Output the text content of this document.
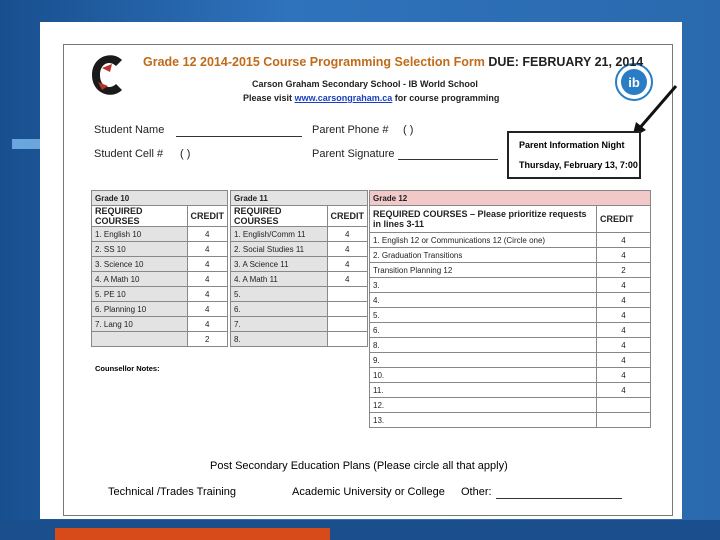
ib
Grade 12 2014-2015 Course Programming Selection Form DUE: FEBRUARY 21, 2014
Carson Graham Secondary School - IB World School
Please visit www.carsongraham.ca for course programming
Student Name	Parent Phone # ( )
Student Cell # ( )	Parent Signature
Parent Information Night
Thursday, February 13, 7:00
Grade 10	
REQUIRED COURSES	CREDIT
1. English 10	4
2. SS 10	4
3. Science 10	4
4. A Math 10	4
5. PE 10	4
6. Planning 10	4
7. Lang 10	4
	2
Grade 11	
REQUIRED COURSES	CREDIT
1. English/Comm 11	4
2. Social Studies 11	4
3. A Science 11	4
4. A Math 11	4
5.	
6.	
7.	
8.	
Grade 12	
REQUIRED COURSES – Please prioritize requests in lines 3-11	CREDIT
1. English 12 or Communications 12 (Circle one)	4
2. Graduation Transitions	4
Transition Planning 12	2
3.	4
4.	4
5.	4
6.	4
8.	4
9.	4
10.	4
11.	4
12.	
13.	
Counsellor Notes:
Post Secondary Education Plans (Please circle all that apply)
Technical /Trades Training	Academic University or College Other:
